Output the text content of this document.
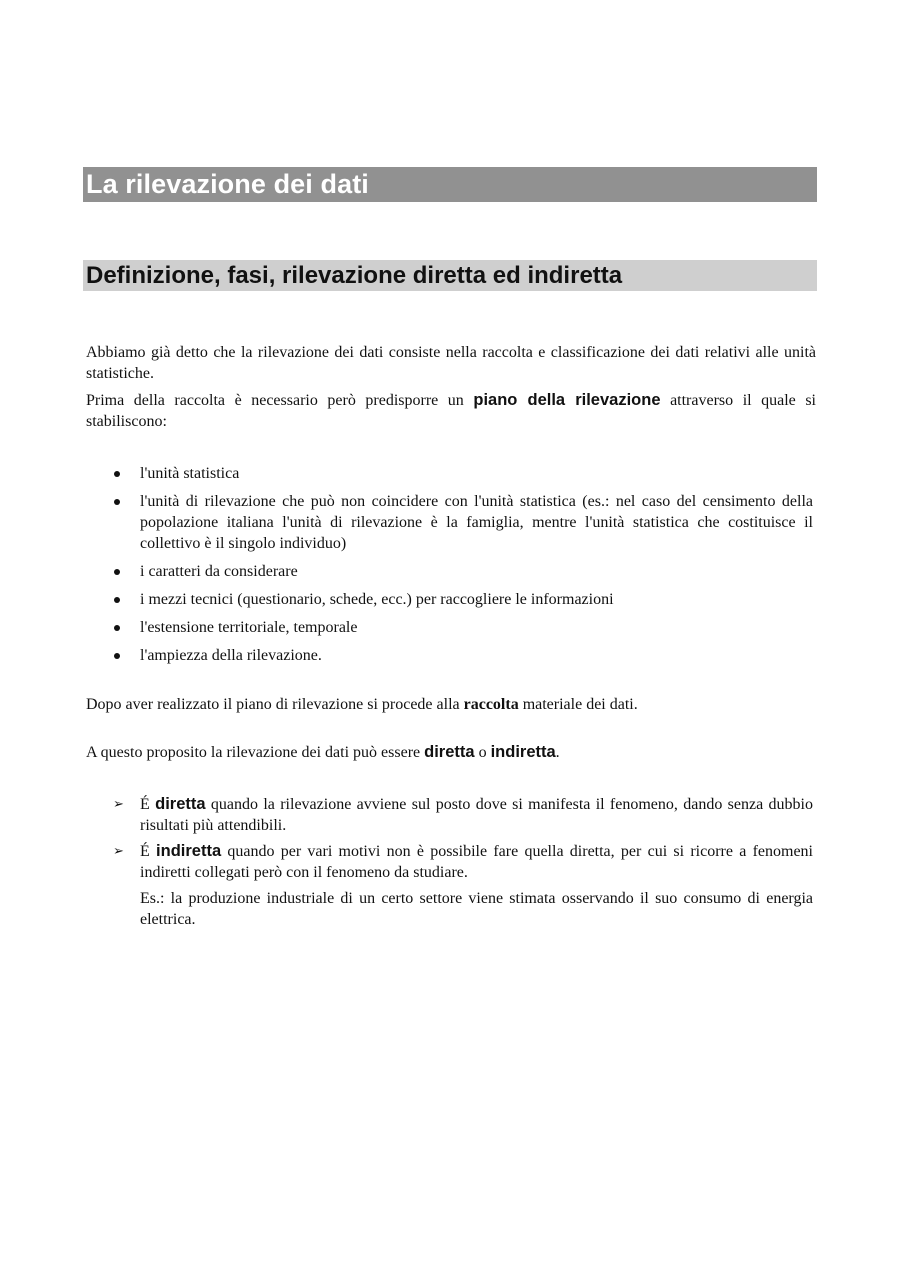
La rilevazione dei dati
Definizione, fasi, rilevazione diretta ed indiretta

Abbiamo già detto che la rilevazione dei dati consiste nella raccolta e classificazione dei dati relativi alle unità statistiche.

Prima della raccolta è necessario però predisporre un piano della rilevazione attraverso il quale si stabiliscono:

l'unità statistica
l'unità di rilevazione che può non coincidere con l'unità statistica (es.: nel caso del censimento della popolazione italiana l'unità di rilevazione è la famiglia, mentre l'unità statistica che costituisce il collettivo è il singolo individuo)
i caratteri da considerare
i mezzi tecnici (questionario, schede, ecc.) per raccogliere le informazioni
l'estensione territoriale, temporale
l'ampiezza della rilevazione.

Dopo aver realizzato il piano di rilevazione si procede alla raccolta materiale dei dati.

A questo proposito la rilevazione dei dati può essere diretta o indiretta.

➢ É diretta quando la rilevazione avviene sul posto dove si manifesta il fenomeno, dando senza dubbio risultati più attendibili.
➢ É indiretta quando per vari motivi non è possibile fare quella diretta, per cui si ricorre a fenomeni indiretti collegati però con il fenomeno da studiare.
Es.: la produzione industriale di un certo settore viene stimata osservando il suo consumo di energia elettrica.
